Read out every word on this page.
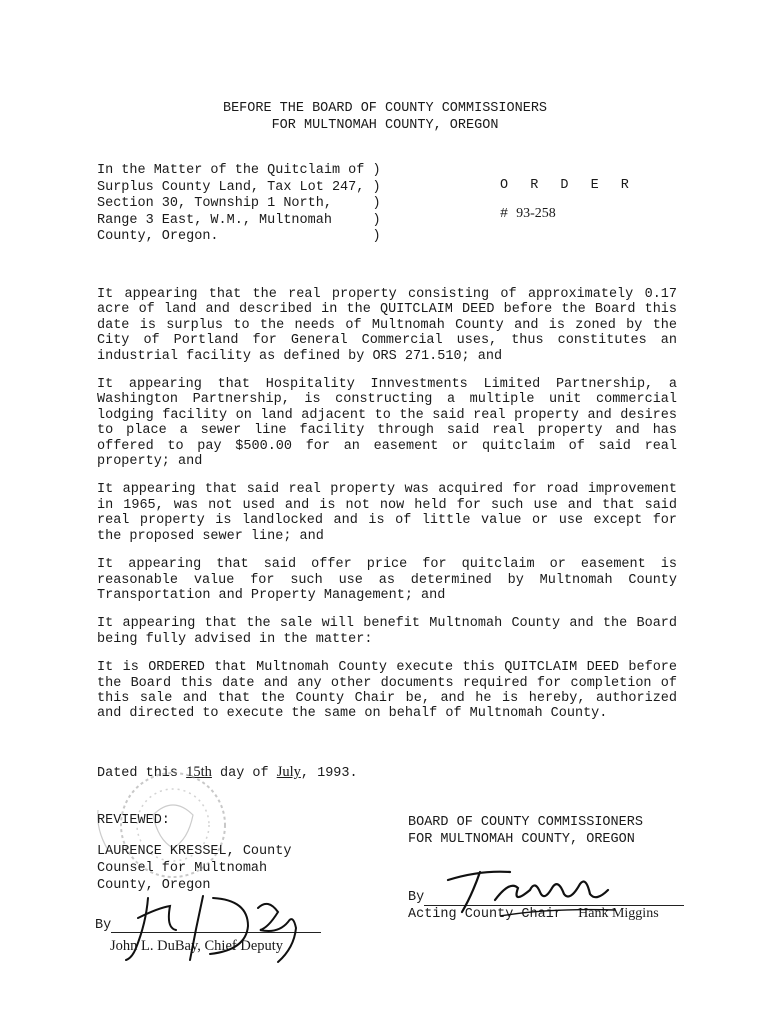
BEFORE THE BOARD OF COUNTY COMMISSIONERS
FOR MULTNOMAH COUNTY, OREGON
In the Matter of the Quitclaim of )
Surplus County Land, Tax Lot 247, )
Section 30, Township 1 North,     )
Range 3 East, W.M., Multnomah     )
County, Oregon.                   )
O R D E R
# 93-258

It appearing that the real property consisting of approximately 0.17 acre of land and described in the QUITCLAIM DEED before the Board this date is surplus to the needs of Multnomah County and is zoned by the City of Portland for General Commercial uses, thus constitutes an industrial facility as defined by ORS 271.510; and

It appearing that Hospitality Innvestments Limited Partnership, a Washington Partnership, is constructing a multiple unit commercial lodging facility on land adjacent to the said real property and desires to place a sewer line facility through said real property and has offered to pay $500.00 for an easement or quitclaim of said real property; and

It appearing that said real property was acquired for road improvement in 1965, was not used and is not now held for such use and that said real property is landlocked and is of little value or use except for the proposed sewer line; and

It appearing that said offer price for quitclaim or easement is reasonable value for such use as determined by Multnomah County Transportation and Property Management; and

It appearing that the sale will benefit Multnomah County and the Board being fully advised in the matter:

It is ORDERED that Multnomah County execute this QUITCLAIM DEED before the Board this date and any other documents required for completion of this sale and that the County Chair be, and he is hereby, authorized and directed to execute the same on behalf of Multnomah County.

Dated this 15th day of July, 1993.
REVIEWED:
LAURENCE KRESSEL, County
Counsel for Multnomah
County, Oregon
BOARD OF COUNTY COMMISSIONERS
FOR MULTNOMAH COUNTY, OREGON
By
Acting County Chair Hank Miggins
By
John L. DuBay, Chief Deputy
